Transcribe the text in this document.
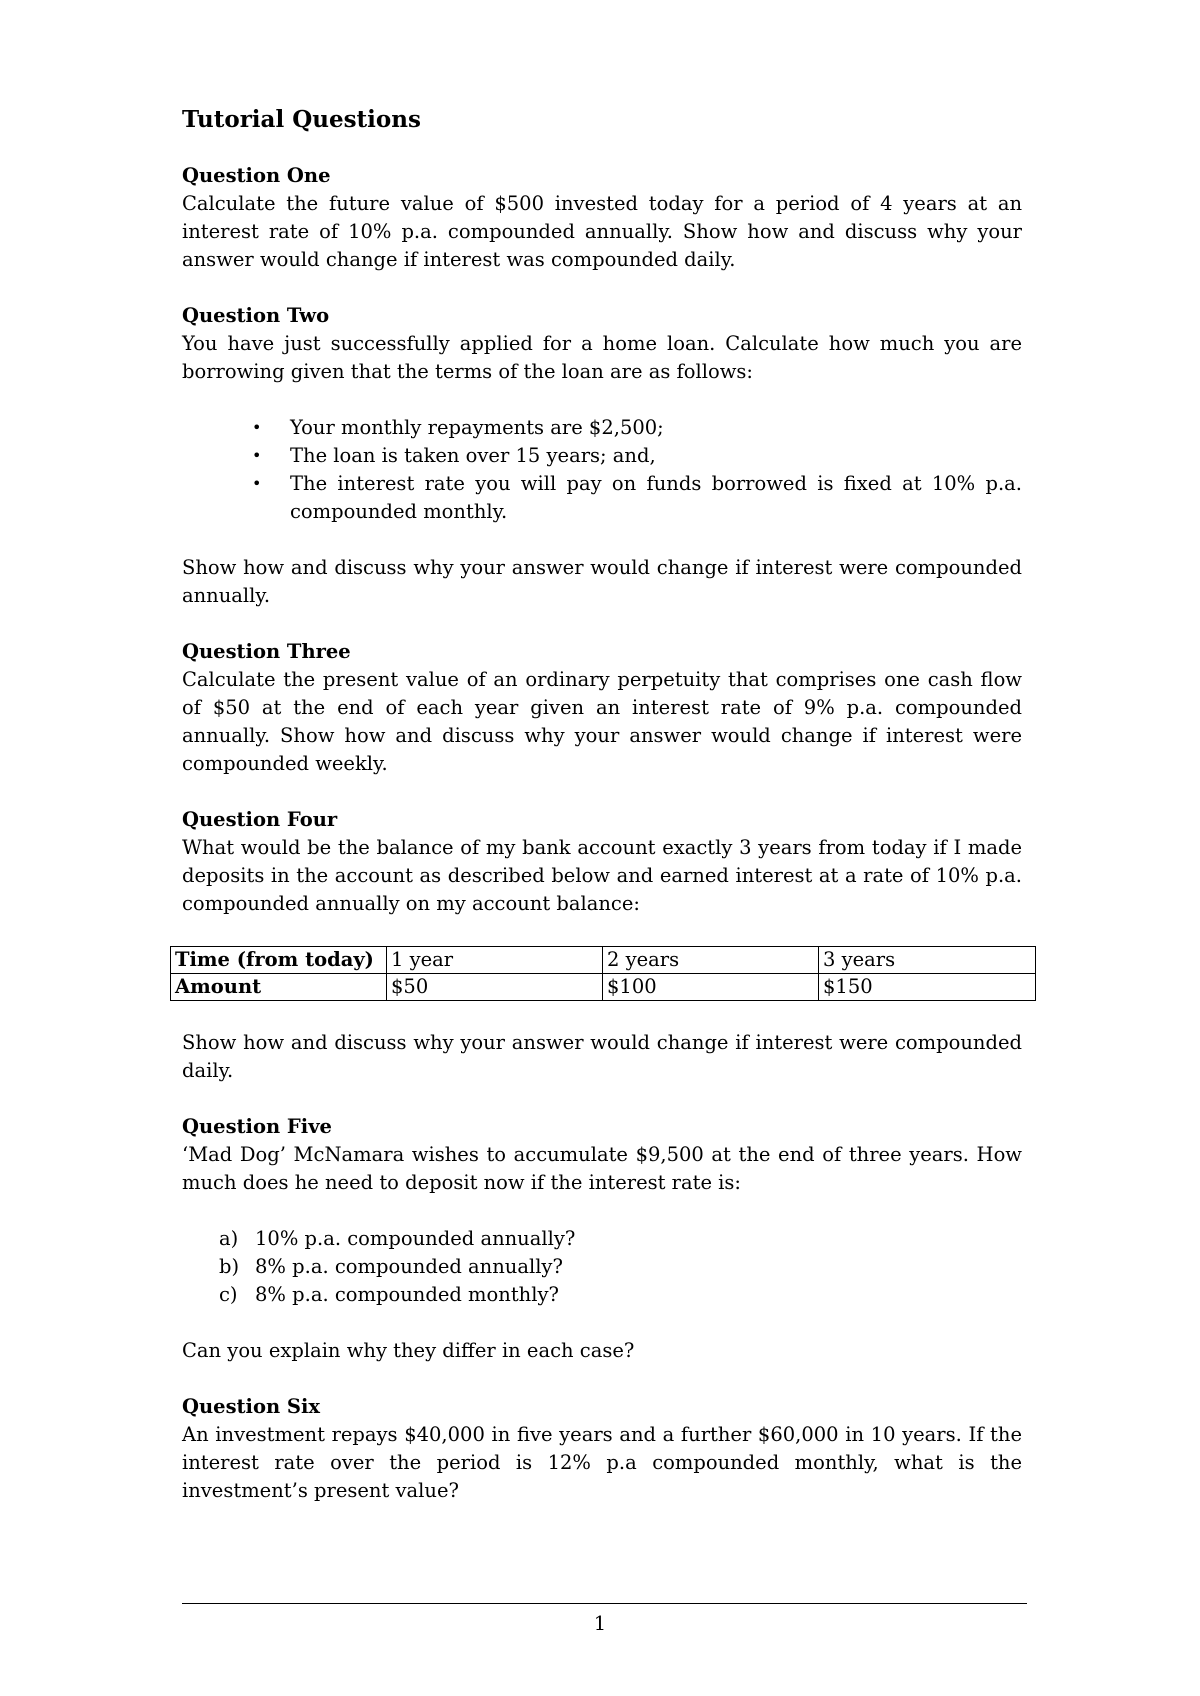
Tutorial Questions

Question One

Calculate the future value of $500 invested today for a period of 4 years at an interest rate of 10% p.a. compounded annually. Show how and discuss why your answer would change if interest was compounded daily.

Question Two

You have just successfully applied for a home loan. Calculate how much you are borrowing given that the terms of the loan are as follows:

• Your monthly repayments are $2,500;
• The loan is taken over 15 years; and,
• The interest rate you will pay on funds borrowed is fixed at 10% p.a. compounded monthly.

Show how and discuss why your answer would change if interest were compounded annually.

Question Three

Calculate the present value of an ordinary perpetuity that comprises one cash flow of $50 at the end of each year given an interest rate of 9% p.a. compounded annually. Show how and discuss why your answer would change if interest were compounded weekly.

Question Four

What would be the balance of my bank account exactly 3 years from today if I made deposits in the account as described below and earned interest at a rate of 10% p.a. compounded annually on my account balance:

Time (from today)	1 year	2 years	3 years
Amount	$50	$100	$150

Show how and discuss why your answer would change if interest were compounded daily.

Question Five

‘Mad Dog’ McNamara wishes to accumulate $9,500 at the end of three years. How much does he need to deposit now if the interest rate is:

a) 10% p.a. compounded annually?
b) 8% p.a. compounded annually?
c) 8% p.a. compounded monthly?

Can you explain why they differ in each case?

Question Six

An investment repays $40,000 in five years and a further $60,000 in 10 years. If the interest rate over the period is 12% p.a compounded monthly, what is the investment’s present value?

1
